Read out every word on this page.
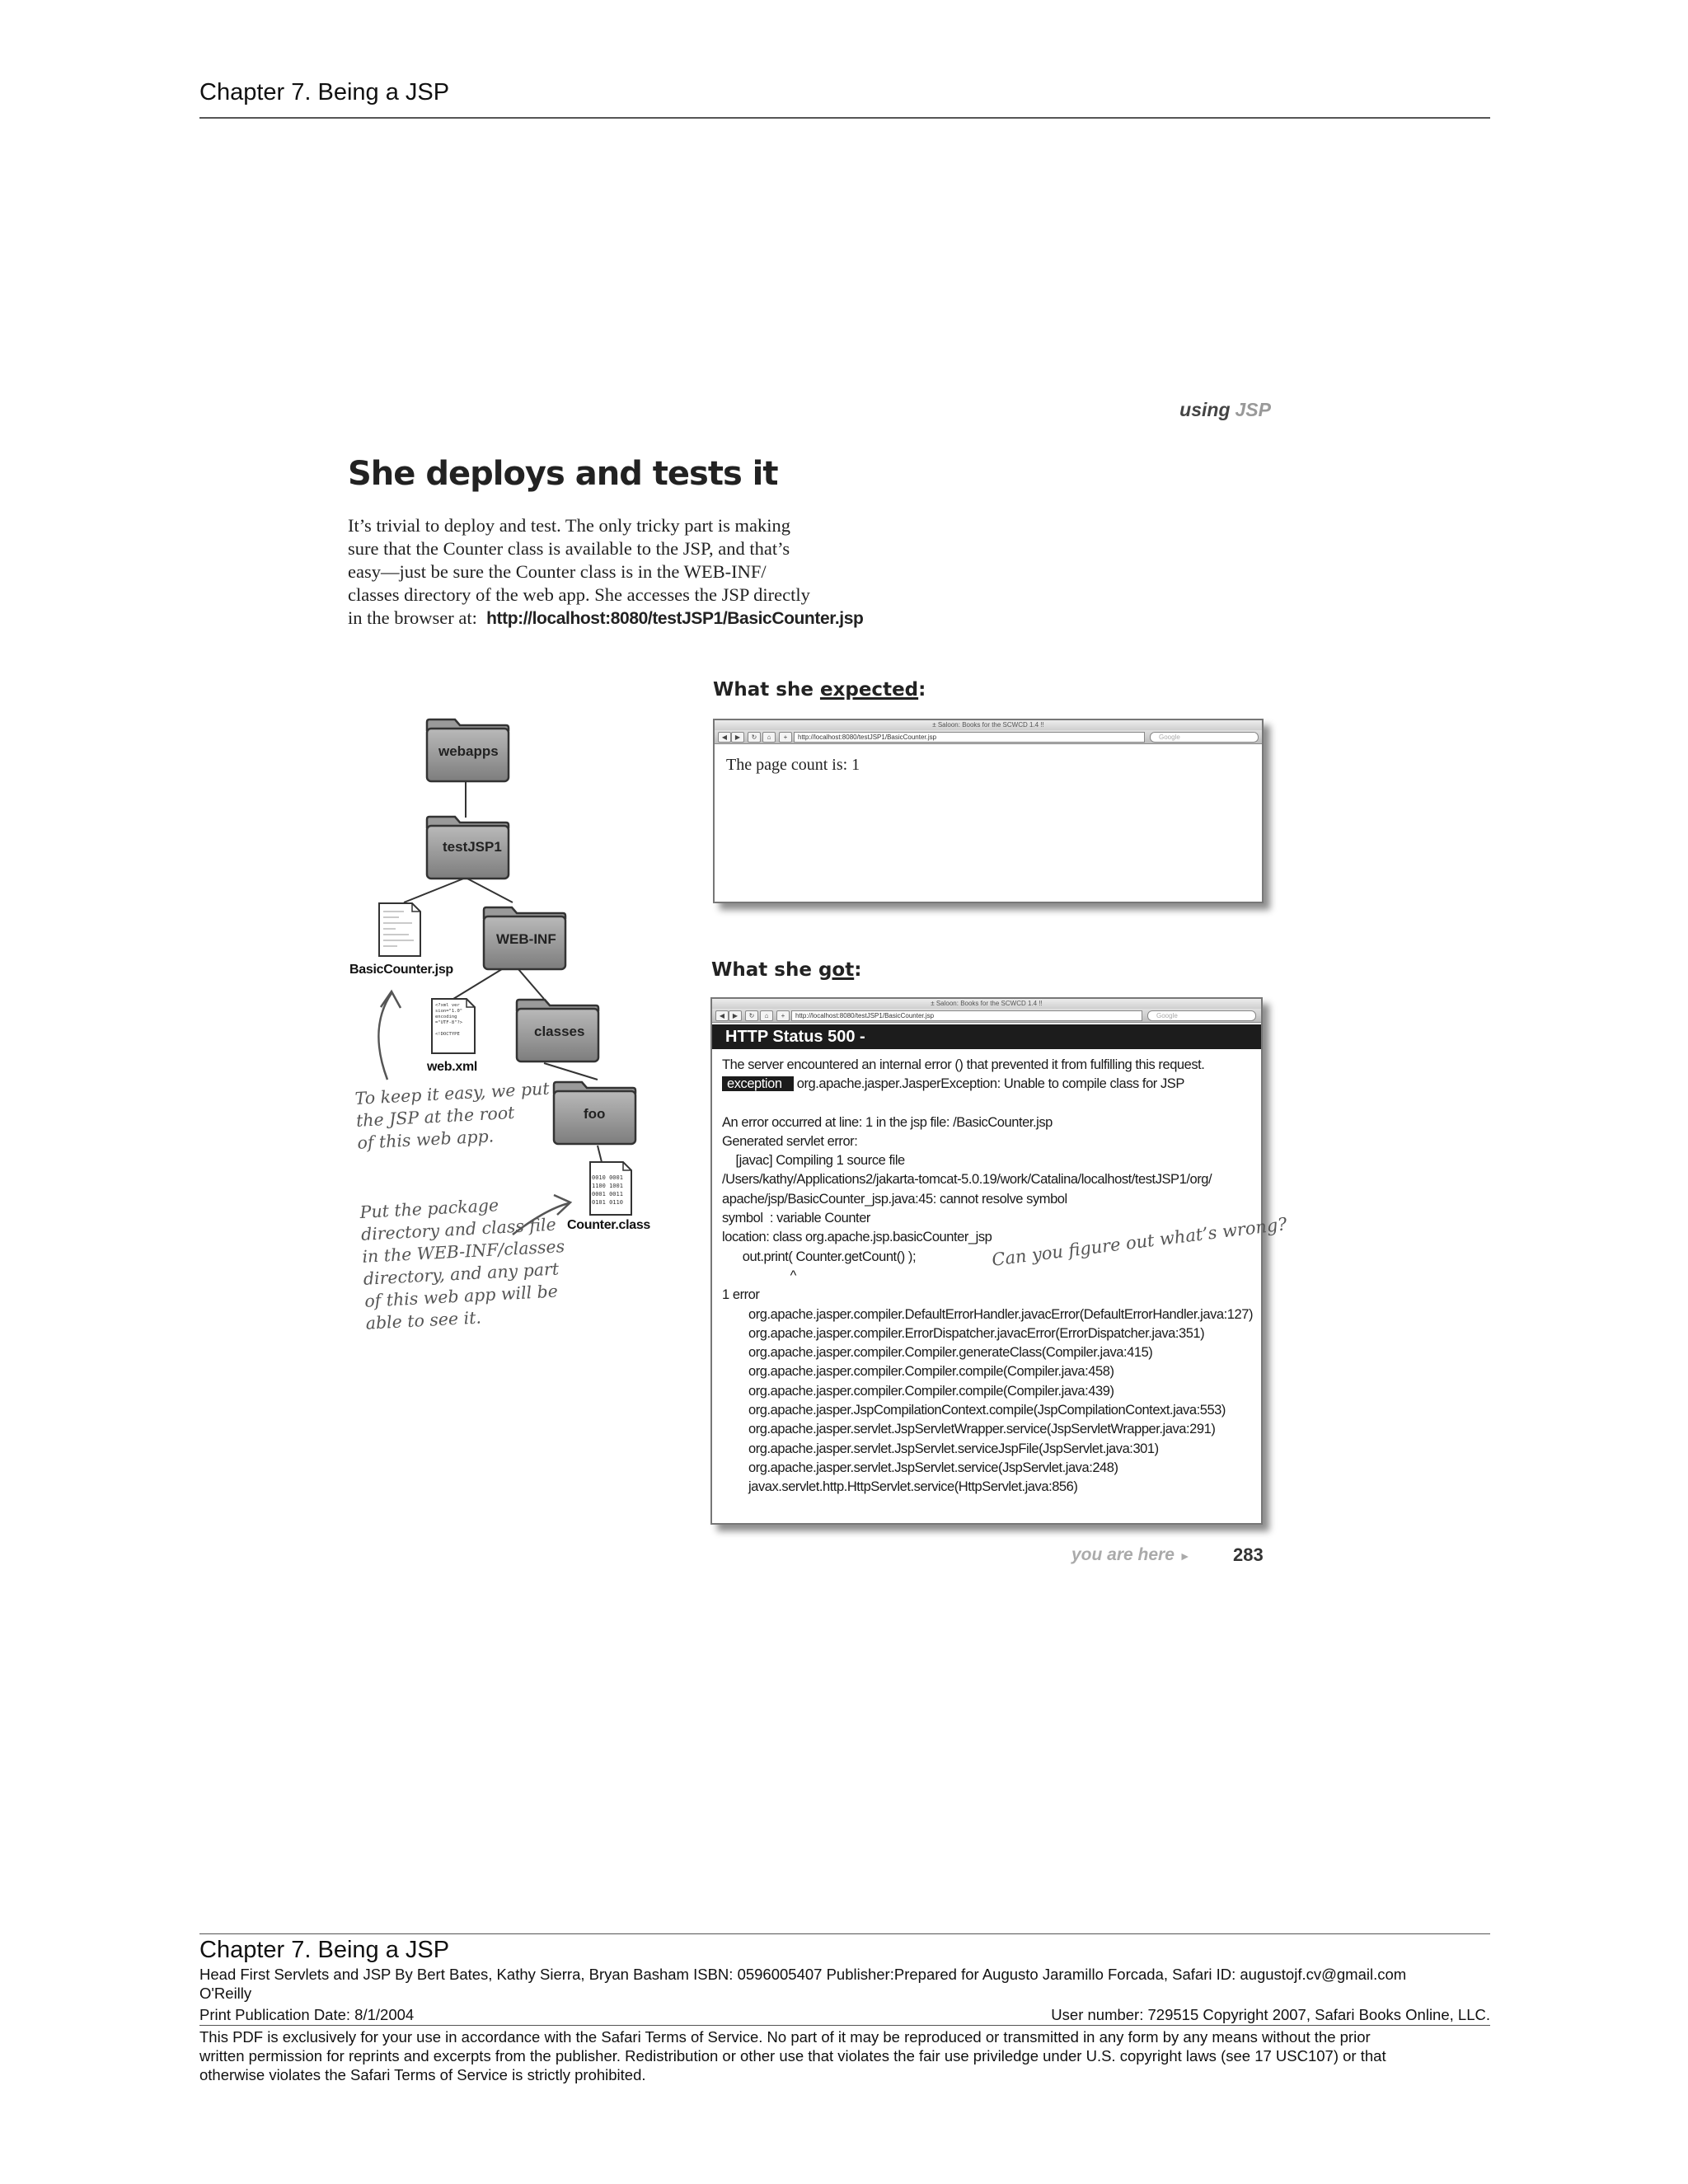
Chapter 7. Being a JSP
using JSP
She deploys and tests it
It’s trivial to deploy and test. The only tricky part is making
sure that the Counter class is available to the JSP, and that’s
easy—just be sure the Counter class is in the WEB-INF/
classes directory of the web app. She accesses the JSP directly
in the browser at: http://localhost:8080/testJSP1/BasicCounter.jsp
<?xml ver
sion="1.0"
encoding
="UTF-8"?>
<!DOCTYPE
0010 0001
1100 1001
0001 0011
0101 0110
webapps
testJSP1
WEB-INF
classes
foo
BasicCounter.jsp
web.xml
Counter.class
To keep it easy, we put
the JSP at the root
of this web app.
Put the package
directory and class file
in the WEB-INF/classes
directory, and any part
of this web app will be
able to see it.
What she expected:
± Saloon: Books for the SCWCD 1.4 !!
◀	▶	↻	⌂	+	http://localhost:8080/testJSP1/BasicCounter.jsp	Google
The page count is: 1
What she got:
± Saloon: Books for the SCWCD 1.4 !!
◀	▶	↻	⌂	+	http://localhost:8080/testJSP1/BasicCounter.jsp	Google
HTTP Status 500 -
The server encountered an internal error () that prevented it from fulfilling this request.
exception org.apache.jasper.JasperException: Unable to compile class for JSP
An error occurred at line: 1 in the jsp file: /BasicCounter.jsp
Generated servlet error:
[javac] Compiling 1 source file
/Users/kathy/Applications2/jakarta-tomcat-5.0.19/work/Catalina/localhost/testJSP1/org/
apache/jsp/BasicCounter_jsp.java:45: cannot resolve symbol
symbol  : variable Counter
location: class org.apache.jsp.basicCounter_jsp
out.print( Counter.getCount() );
^
1 error
org.apache.jasper.compiler.DefaultErrorHandler.javacError(DefaultErrorHandler.java:127)
org.apache.jasper.compiler.ErrorDispatcher.javacError(ErrorDispatcher.java:351)
org.apache.jasper.compiler.Compiler.generateClass(Compiler.java:415)
org.apache.jasper.compiler.Compiler.compile(Compiler.java:458)
org.apache.jasper.compiler.Compiler.compile(Compiler.java:439)
org.apache.jasper.JspCompilationContext.compile(JspCompilationContext.java:553)
org.apache.jasper.servlet.JspServletWrapper.service(JspServletWrapper.java:291)
org.apache.jasper.servlet.JspServlet.serviceJspFile(JspServlet.java:301)
org.apache.jasper.servlet.JspServlet.service(JspServlet.java:248)
javax.servlet.http.HttpServlet.service(HttpServlet.java:856)
Can you figure out what’s wrong?
you are here ► 283
Chapter 7. Being a JSP
Head First Servlets and JSP By Bert Bates, Kathy Sierra, Bryan Basham ISBN: 0596005407 Publisher:Prepared for Augusto Jaramillo Forcada, Safari ID: augustojf.cv@gmail.com
O'Reilly
Print Publication Date: 8/1/2004	User number: 729515 Copyright 2007, Safari Books Online, LLC.
This PDF is exclusively for your use in accordance with the Safari Terms of Service. No part of it may be reproduced or transmitted in any form by any means without the prior
written permission for reprints and excerpts from the publisher. Redistribution or other use that violates the fair use priviledge under U.S. copyright laws (see 17 USC107) or that
otherwise violates the Safari Terms of Service is strictly prohibited.
